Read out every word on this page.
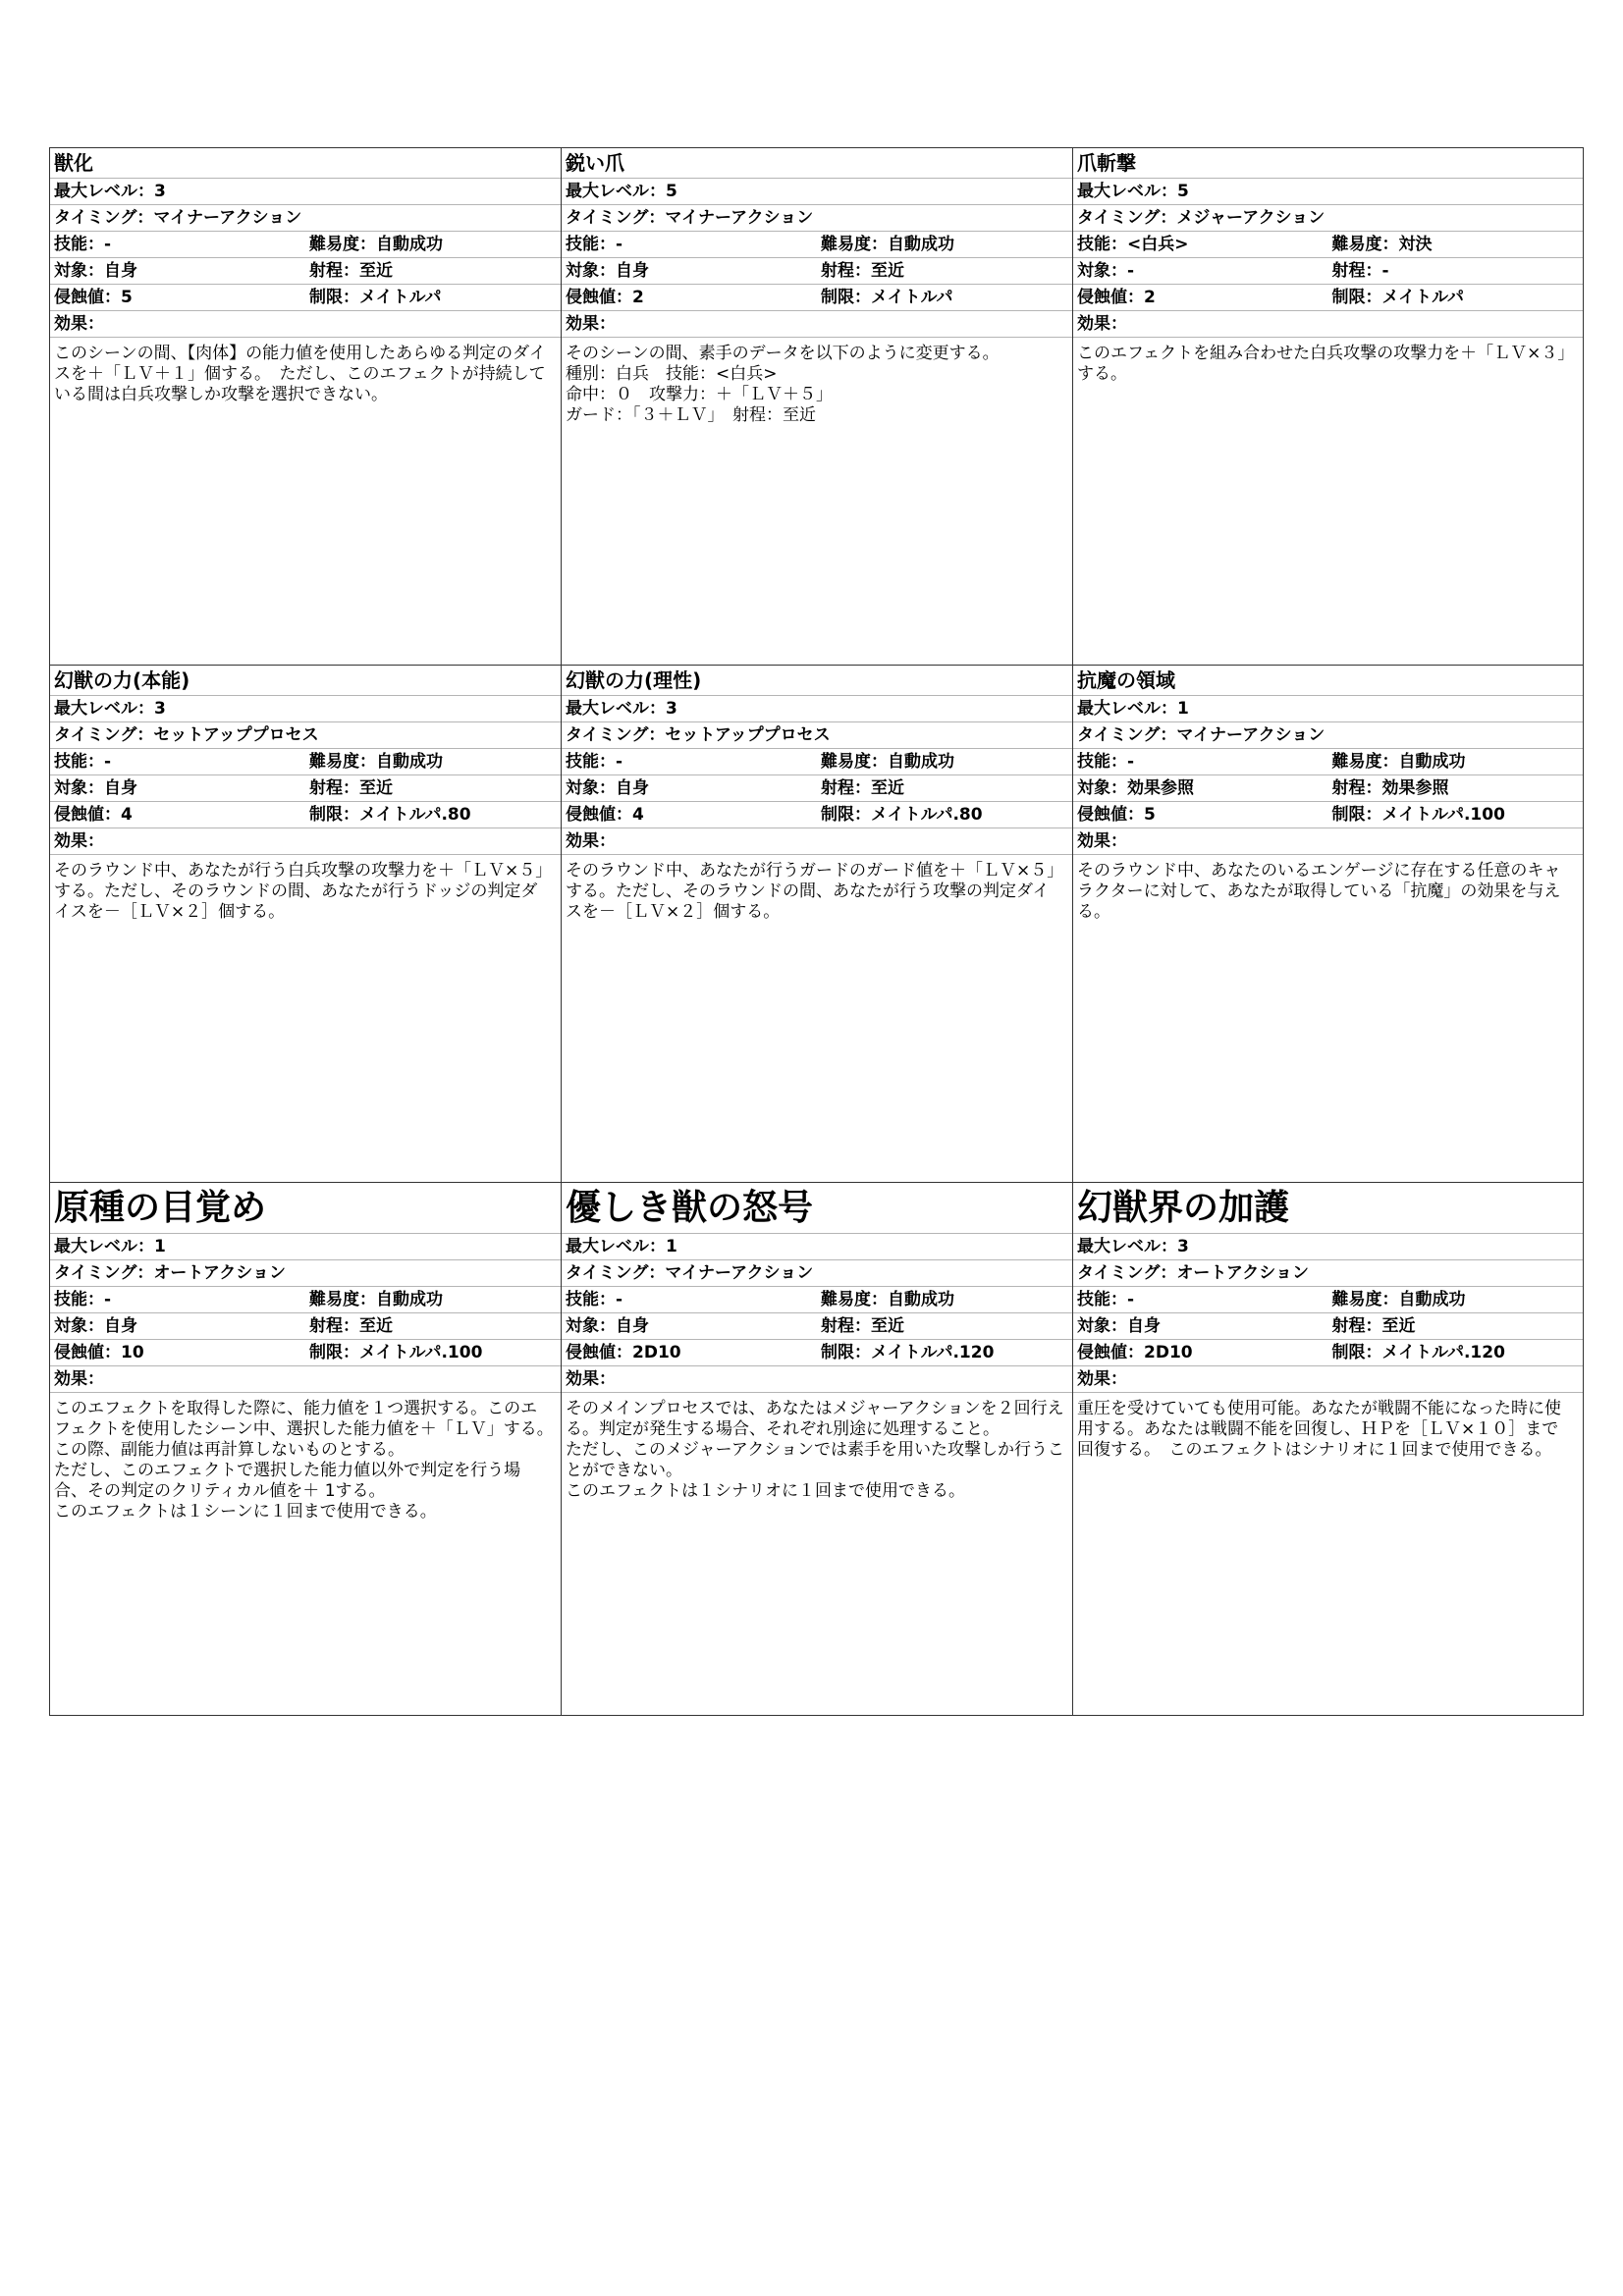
獣化
最大レベル：3
タイミング：マイナーアクション
技能：-	難易度：自動成功
対象：自身	射程：至近
侵蝕値：5	制限：メイトルパ
効果：
このシーンの間、【肉体】の能力値を使用したあらゆる判定のダイスを＋「ＬＶ＋１」個する。　ただし、このエフェクトが持続している間は白兵攻撃しか攻撃を選択できない。
鋭い爪
最大レベル：5
タイミング：マイナーアクション
技能：-	難易度：自動成功
対象：自身	射程：至近
侵蝕値：2	制限：メイトルパ
効果：
そのシーンの間、素手のデータを以下のように変更する。
種別：白兵　技能：<白兵>
命中：０　攻撃力：＋「ＬＶ＋５」
ガード：「３＋ＬＶ」　射程：至近
爪斬撃
最大レベル：5
タイミング：メジャーアクション
技能：<白兵>	難易度：対決
対象：-	射程：-
侵蝕値：2	制限：メイトルパ
効果：
このエフェクトを組み合わせた白兵攻撃の攻撃力を＋「ＬＶ×３」する。
幻獣の力(本能)
最大レベル：3
タイミング：セットアッププロセス
技能：-	難易度：自動成功
対象：自身	射程：至近
侵蝕値：4	制限：メイトルパ.80
効果：
そのラウンド中、あなたが行う白兵攻撃の攻撃力を＋「ＬＶ×５」する。ただし、そのラウンドの間、あなたが行うドッジの判定ダイスを－［ＬＶ×２］個する。
幻獣の力(理性)
最大レベル：3
タイミング：セットアッププロセス
技能：-	難易度：自動成功
対象：自身	射程：至近
侵蝕値：4	制限：メイトルパ.80
効果：
そのラウンド中、あなたが行うガードのガード値を＋「ＬＶ×５」する。ただし、そのラウンドの間、あなたが行う攻撃の判定ダイスを－［ＬＶ×２］個する。
抗魔の領域
最大レベル：1
タイミング：マイナーアクション
技能：-	難易度：自動成功
対象：効果参照	射程：効果参照
侵蝕値：5	制限：メイトルパ.100
効果：
そのラウンド中、あなたのいるエンゲージに存在する任意のキャラクターに対して、あなたが取得している「抗魔」の効果を与える。
原種の目覚め
最大レベル：1
タイミング：オートアクション
技能：-	難易度：自動成功
対象：自身	射程：至近
侵蝕値：10	制限：メイトルパ.100
効果：
このエフェクトを取得した際に、能力値を１つ選択する。このエフェクトを使用したシーン中、選択した能力値を＋「ＬＶ」する。　この際、副能力値は再計算しないものとする。
ただし、このエフェクトで選択した能力値以外で判定を行う場合、その判定のクリティカル値を＋ 1する。
このエフェクトは１シーンに１回まで使用できる。
優しき獣の怒号
最大レベル：1
タイミング：マイナーアクション
技能：-	難易度：自動成功
対象：自身	射程：至近
侵蝕値：2D10	制限：メイトルパ.120
効果：
そのメインプロセスでは、あなたはメジャーアクションを２回行える。判定が発生する場合、それぞれ別途に処理すること。
ただし、このメジャーアクションでは素手を用いた攻撃しか行うことができない。
このエフェクトは１シナリオに１回まで使用できる。
幻獣界の加護
最大レベル：3
タイミング：オートアクション
技能：-	難易度：自動成功
対象：自身	射程：至近
侵蝕値：2D10	制限：メイトルパ.120
効果：
重圧を受けていても使用可能。あなたが戦闘不能になった時に使用する。あなたは戦闘不能を回復し、ＨＰを［ＬＶ×１０］まで回復する。　このエフェクトはシナリオに１回まで使用できる。
